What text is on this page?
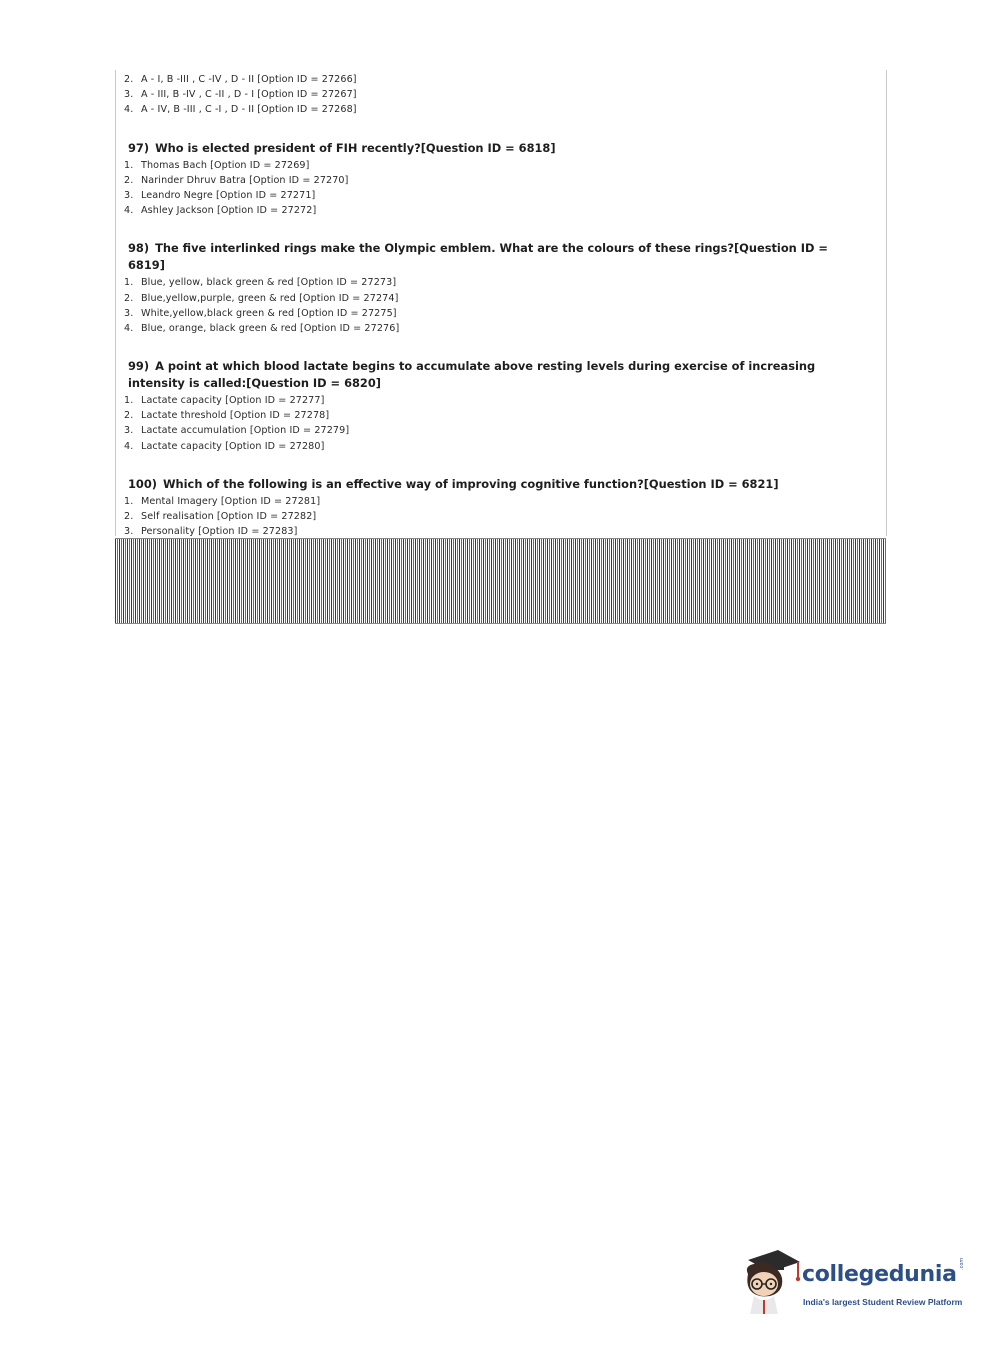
2. A - I, B -III , C -IV , D - II [Option ID = 27266]
3. A - III, B -IV , C -II , D - I [Option ID = 27267]
4. A - IV, B -III , C -I , D - II [Option ID = 27268]
97) Who is elected president of FIH recently?[Question ID = 6818]
1. Thomas Bach [Option ID = 27269]
2. Narinder Dhruv Batra [Option ID = 27270]
3. Leandro Negre [Option ID = 27271]
4. Ashley Jackson [Option ID = 27272]
98) The five interlinked rings make the Olympic emblem. What are the colours of these rings?[Question ID = 6819]
1. Blue, yellow, black green & red [Option ID = 27273]
2. Blue,yellow,purple, green & red [Option ID = 27274]
3. White,yellow,black green & red [Option ID = 27275]
4. Blue, orange, black green & red [Option ID = 27276]
99) A point at which blood lactate begins to accumulate above resting levels during exercise of increasing intensity is called:[Question ID = 6820]
1. Lactate capacity [Option ID = 27277]
2. Lactate threshold [Option ID = 27278]
3. Lactate accumulation [Option ID = 27279]
4. Lactate capacity [Option ID = 27280]
100) Which of the following is an effective way of improving cognitive function?[Question ID = 6821]
1. Mental Imagery [Option ID = 27281]
2. Self realisation [Option ID = 27282]
3. Personality [Option ID = 27283]
collegedunia .com
India's largest Student Review Platform
